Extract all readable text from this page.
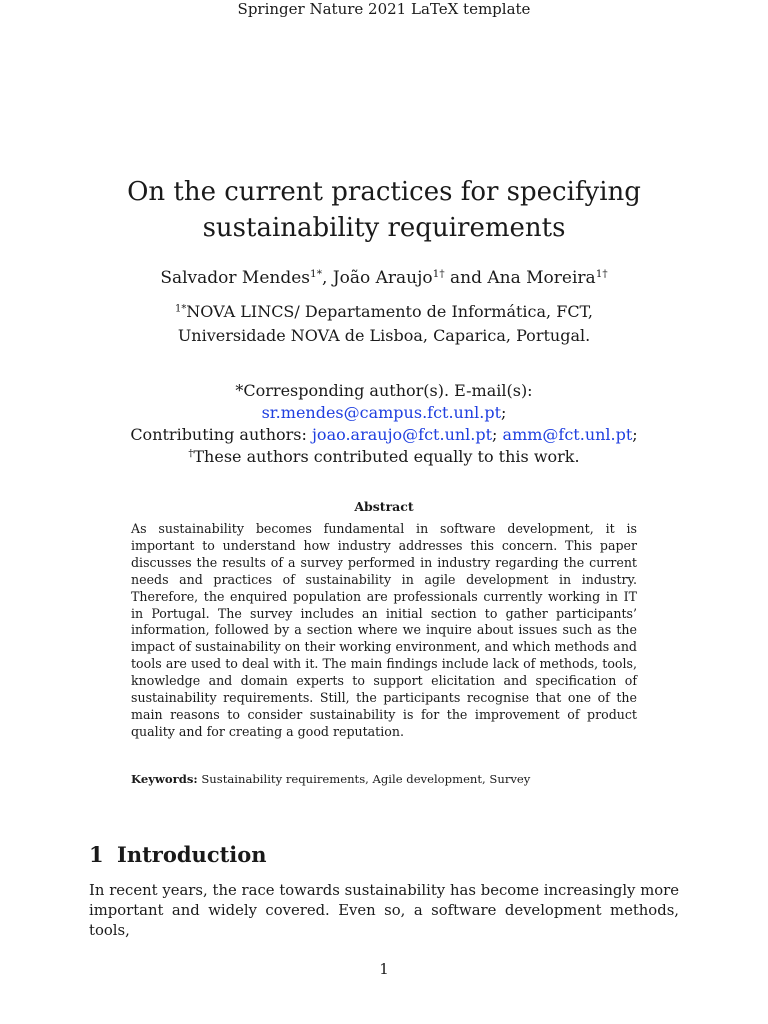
Springer Nature 2021 LaTeX template
On the current practices for specifying
sustainability requirements
Salvador Mendes$^{1*}$, João Araujo$^{1\dagger}$ and Ana Moreira$^{1\dagger}$
$^{1*}$NOVA LINCS/ Departamento de Informática, FCT,
Universidade NOVA de Lisboa, Caparica, Portugal.
*Corresponding author(s). E-mail(s):
sr.mendes@campus.fct.unl.pt;
Contributing authors: joao.araujo@fct.unl.pt; amm@fct.unl.pt;
†These authors contributed equally to this work.
Abstract
As sustainability becomes fundamental in software development, it is important to understand how industry addresses this concern. This paper discusses the results of a survey performed in industry regarding the current needs and practices of sustainability in agile development in industry. Therefore, the enquired population are professionals currently working in IT in Portugal. The survey includes an initial section to gather participants’ information, followed by a section where we inquire about issues such as the impact of sustainability on their working environment, and which methods and tools are used to deal with it. The main findings include lack of methods, tools, knowledge and domain experts to support elicitation and specification of sustainability requirements. Still, the participants recognise that one of the main reasons to consider sustainability is for the improvement of product quality and for creating a good reputation.
Keywords: Sustainability requirements, Agile development, Survey
1 Introduction
In recent years, the race towards sustainability has become increasingly more important and widely covered. Even so, a software development methods, tools,
1
